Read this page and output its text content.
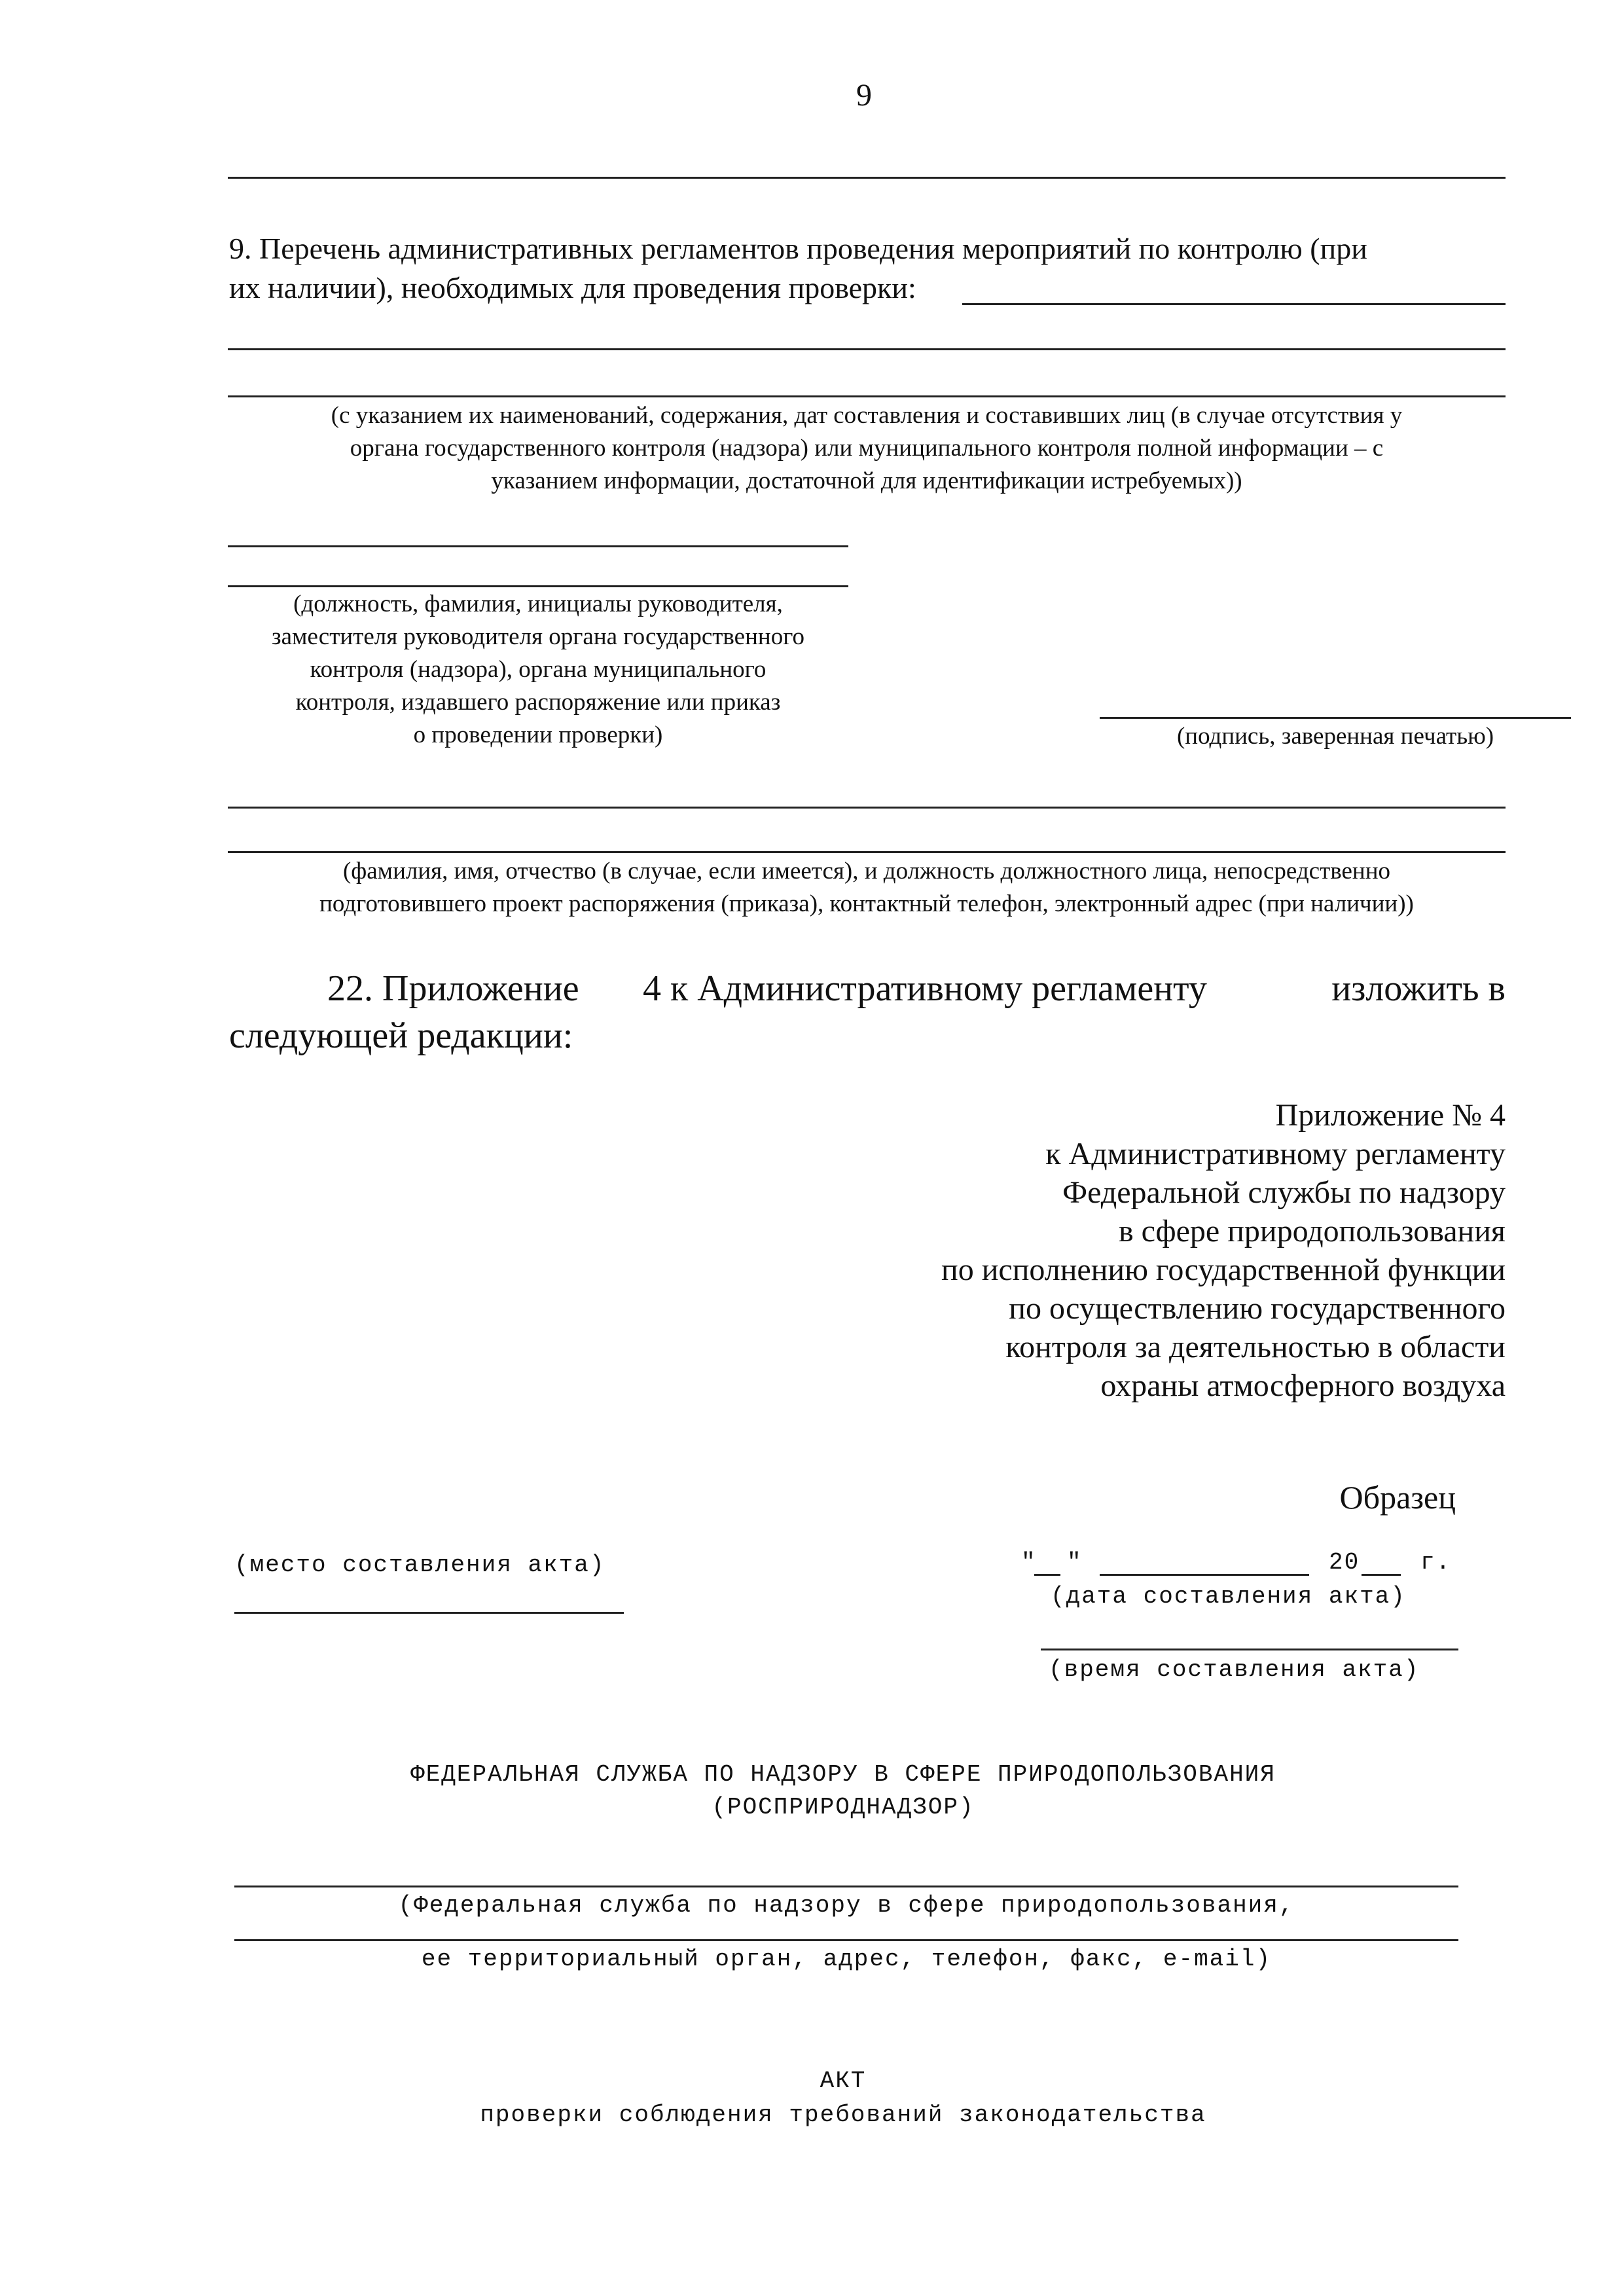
9
9. Перечень административных регламентов проведения мероприятий по контролю (при
их наличии), необходимых для проведения проверки:
(с указанием их наименований, содержания, дат составления и составивших лиц (в случае отсутствия у
органа государственного контроля (надзора) или муниципального контроля полной информации – с
указанием информации, достаточной для идентификации истребуемых))
(должность, фамилия, инициалы руководителя,
заместителя руководителя органа государственного
контроля (надзора), органа муниципального
контроля, издавшего распоряжение или приказ
о проведении проверки)	(подпись, заверенная печатью)
(фамилия, имя, отчество (в случае, если имеется), и должность должностного лица, непосредственно
подготовившего проект распоряжения (приказа), контактный телефон, электронный адрес (при наличии))
22. Приложение 4 к Административному регламенту	изложить в
следующей редакции:
Приложение № 4
к Административному регламенту
Федеральной службы по надзору
в сфере природопользования
по исполнению государственной функции
по осуществлению государственного
контроля за деятельностью в области
охраны атмосферного воздуха
Образец
(место составления акта)	" "	20	г.
(дата составления акта)
(время составления акта)
ФЕДЕРАЛЬНАЯ СЛУЖБА ПО НАДЗОРУ В СФЕРЕ ПРИРОДОПОЛЬЗОВАНИЯ
(РОСПРИРОДНАДЗОР)
(Федеральная служба по надзору в сфере природопользования,
ее территориальный орган, адрес, телефон, факс, e-mail)
АКТ
проверки соблюдения требований законодательства
